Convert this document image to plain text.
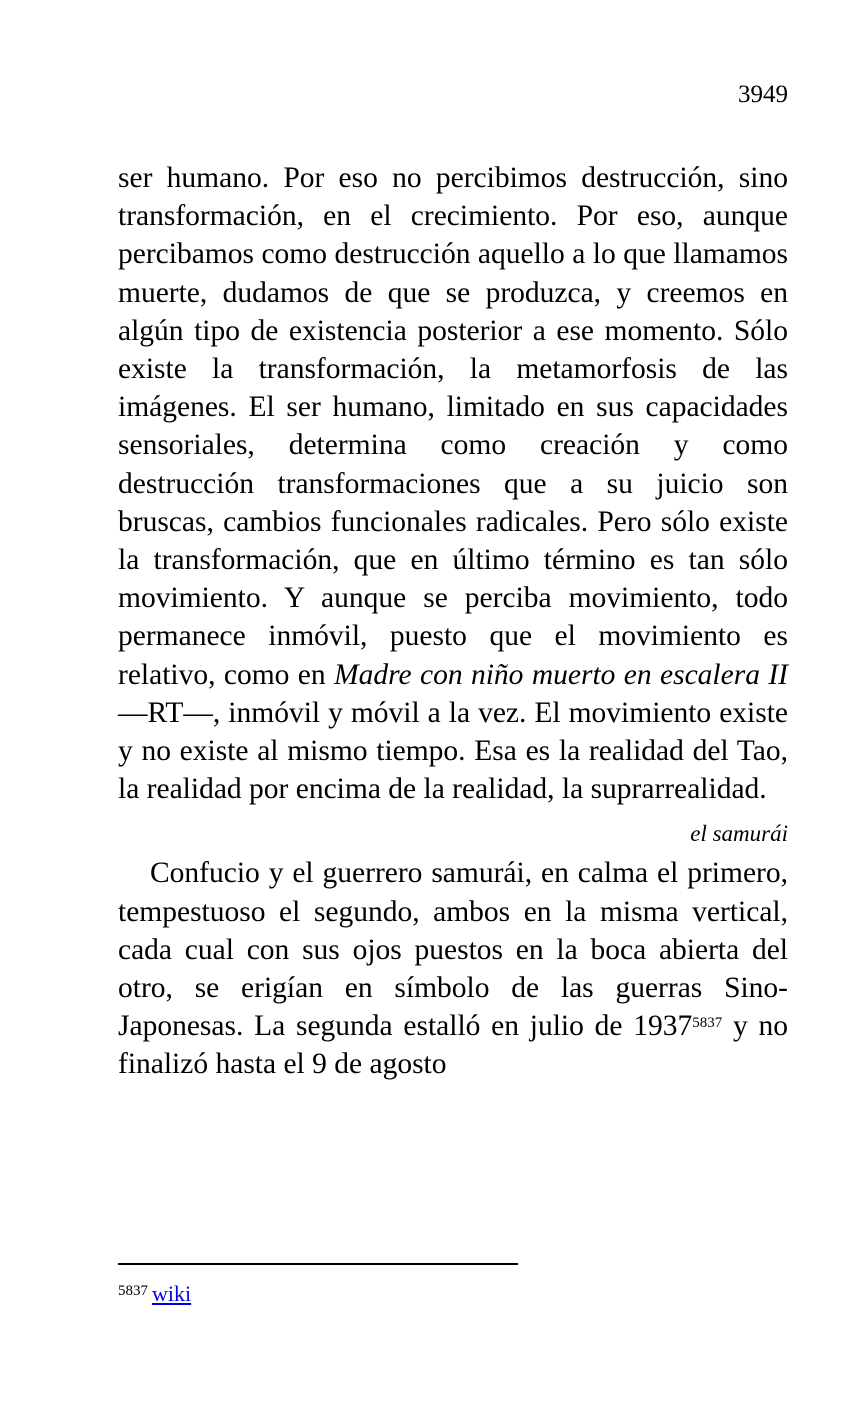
3949

ser humano. Por eso no percibimos destrucción, sino transformación, en el crecimiento. Por eso, aunque percibamos como destrucción aquello a lo que llamamos muerte, dudamos de que se produzca, y creemos en algún tipo de existencia posterior a ese momento. Sólo existe la transformación, la metamorfosis de las imágenes. El ser humano, limitado en sus capacidades sensoriales, determina como creación y como destrucción transformaciones que a su juicio son bruscas, cambios funcionales radicales. Pero sólo existe la transformación, que en último término es tan sólo movimiento. Y aunque se perciba movimiento, todo permanece inmóvil, puesto que el movimiento es relativo, como en Madre con niño muerto en escalera II —RT—, inmóvil y móvil a la vez. El movimiento existe y no existe al mismo tiempo. Esa es la realidad del Tao, la realidad por encima de la realidad, la suprarrealidad.

el samurái

Confucio y el guerrero samurái, en calma el primero, tempestuoso el segundo, ambos en la misma vertical, cada cual con sus ojos puestos en la boca abierta del otro, se erigían en símbolo de las guerras Sino-Japonesas. La segunda estalló en julio de $1937^{5837}$ y no finalizó hasta el 9 de agosto

$^{5837}$ wiki
